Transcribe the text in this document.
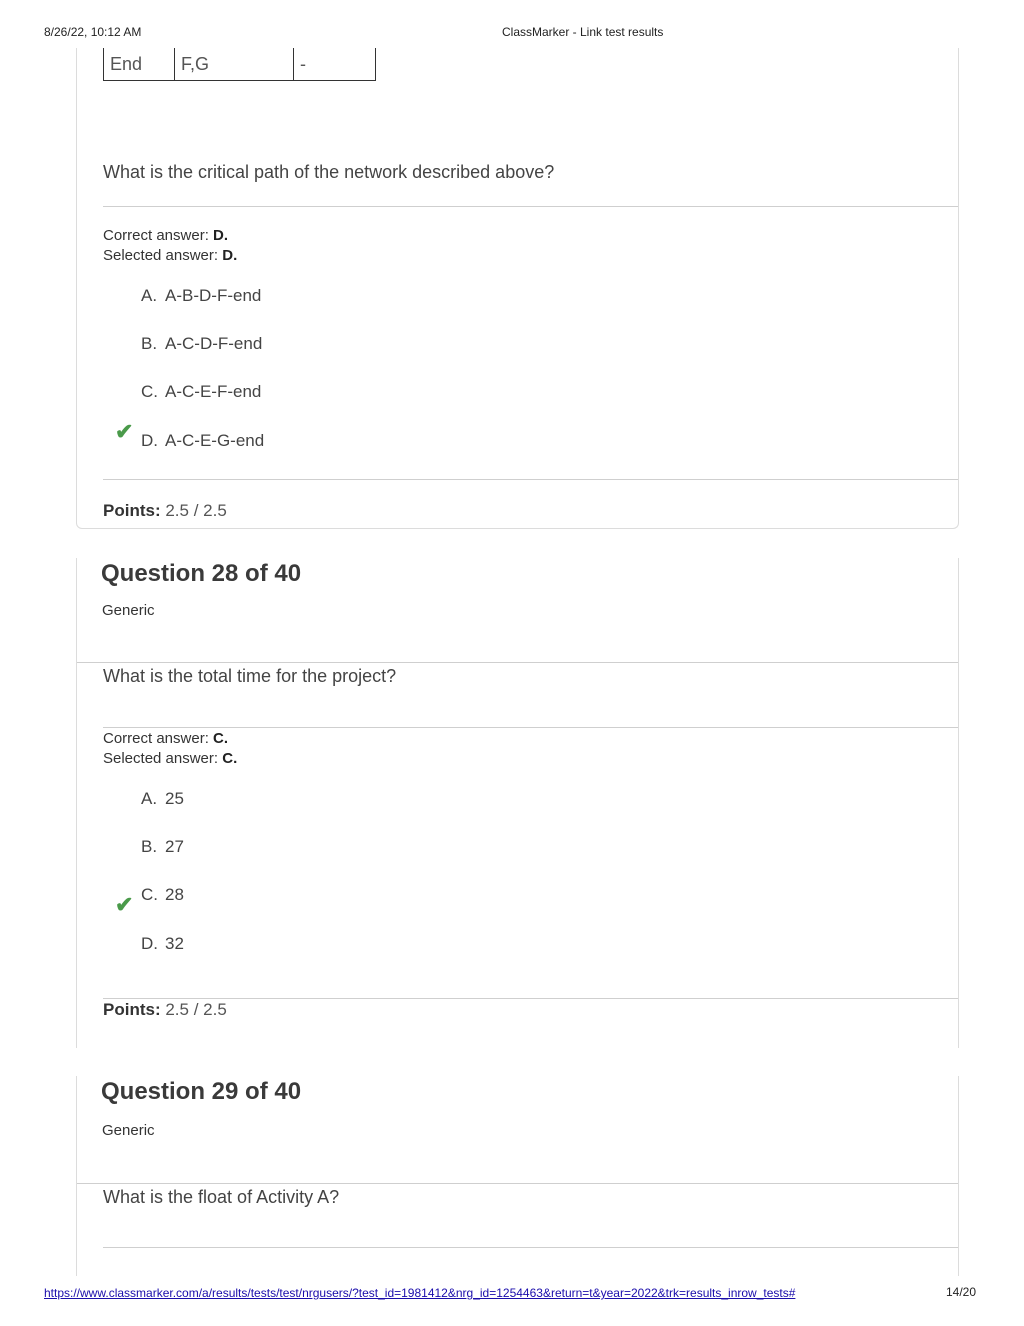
8/26/22, 10:12 AM	ClassMarker - Link test results
End	F,G	-
What is the critical path of the network described above?
Correct answer: D.
Selected answer: D.
A. A-B-D-F-end
B. A-C-D-F-end
C. A-C-E-F-end
✔ D. A-C-E-G-end
Points: 2.5 / 2.5
Question 28 of 40
Generic
What is the total time for the project?
Correct answer: C.
Selected answer: C.
A. 25
B. 27
✔ C. 28
D. 32
Points: 2.5 / 2.5
Question 29 of 40
Generic
What is the float of Activity A?
https://www.classmarker.com/a/results/tests/test/nrgusers/?test_id=1981412&nrg_id=1254463&return=t&year=2022&trk=results_inrow_tests#	14/20
